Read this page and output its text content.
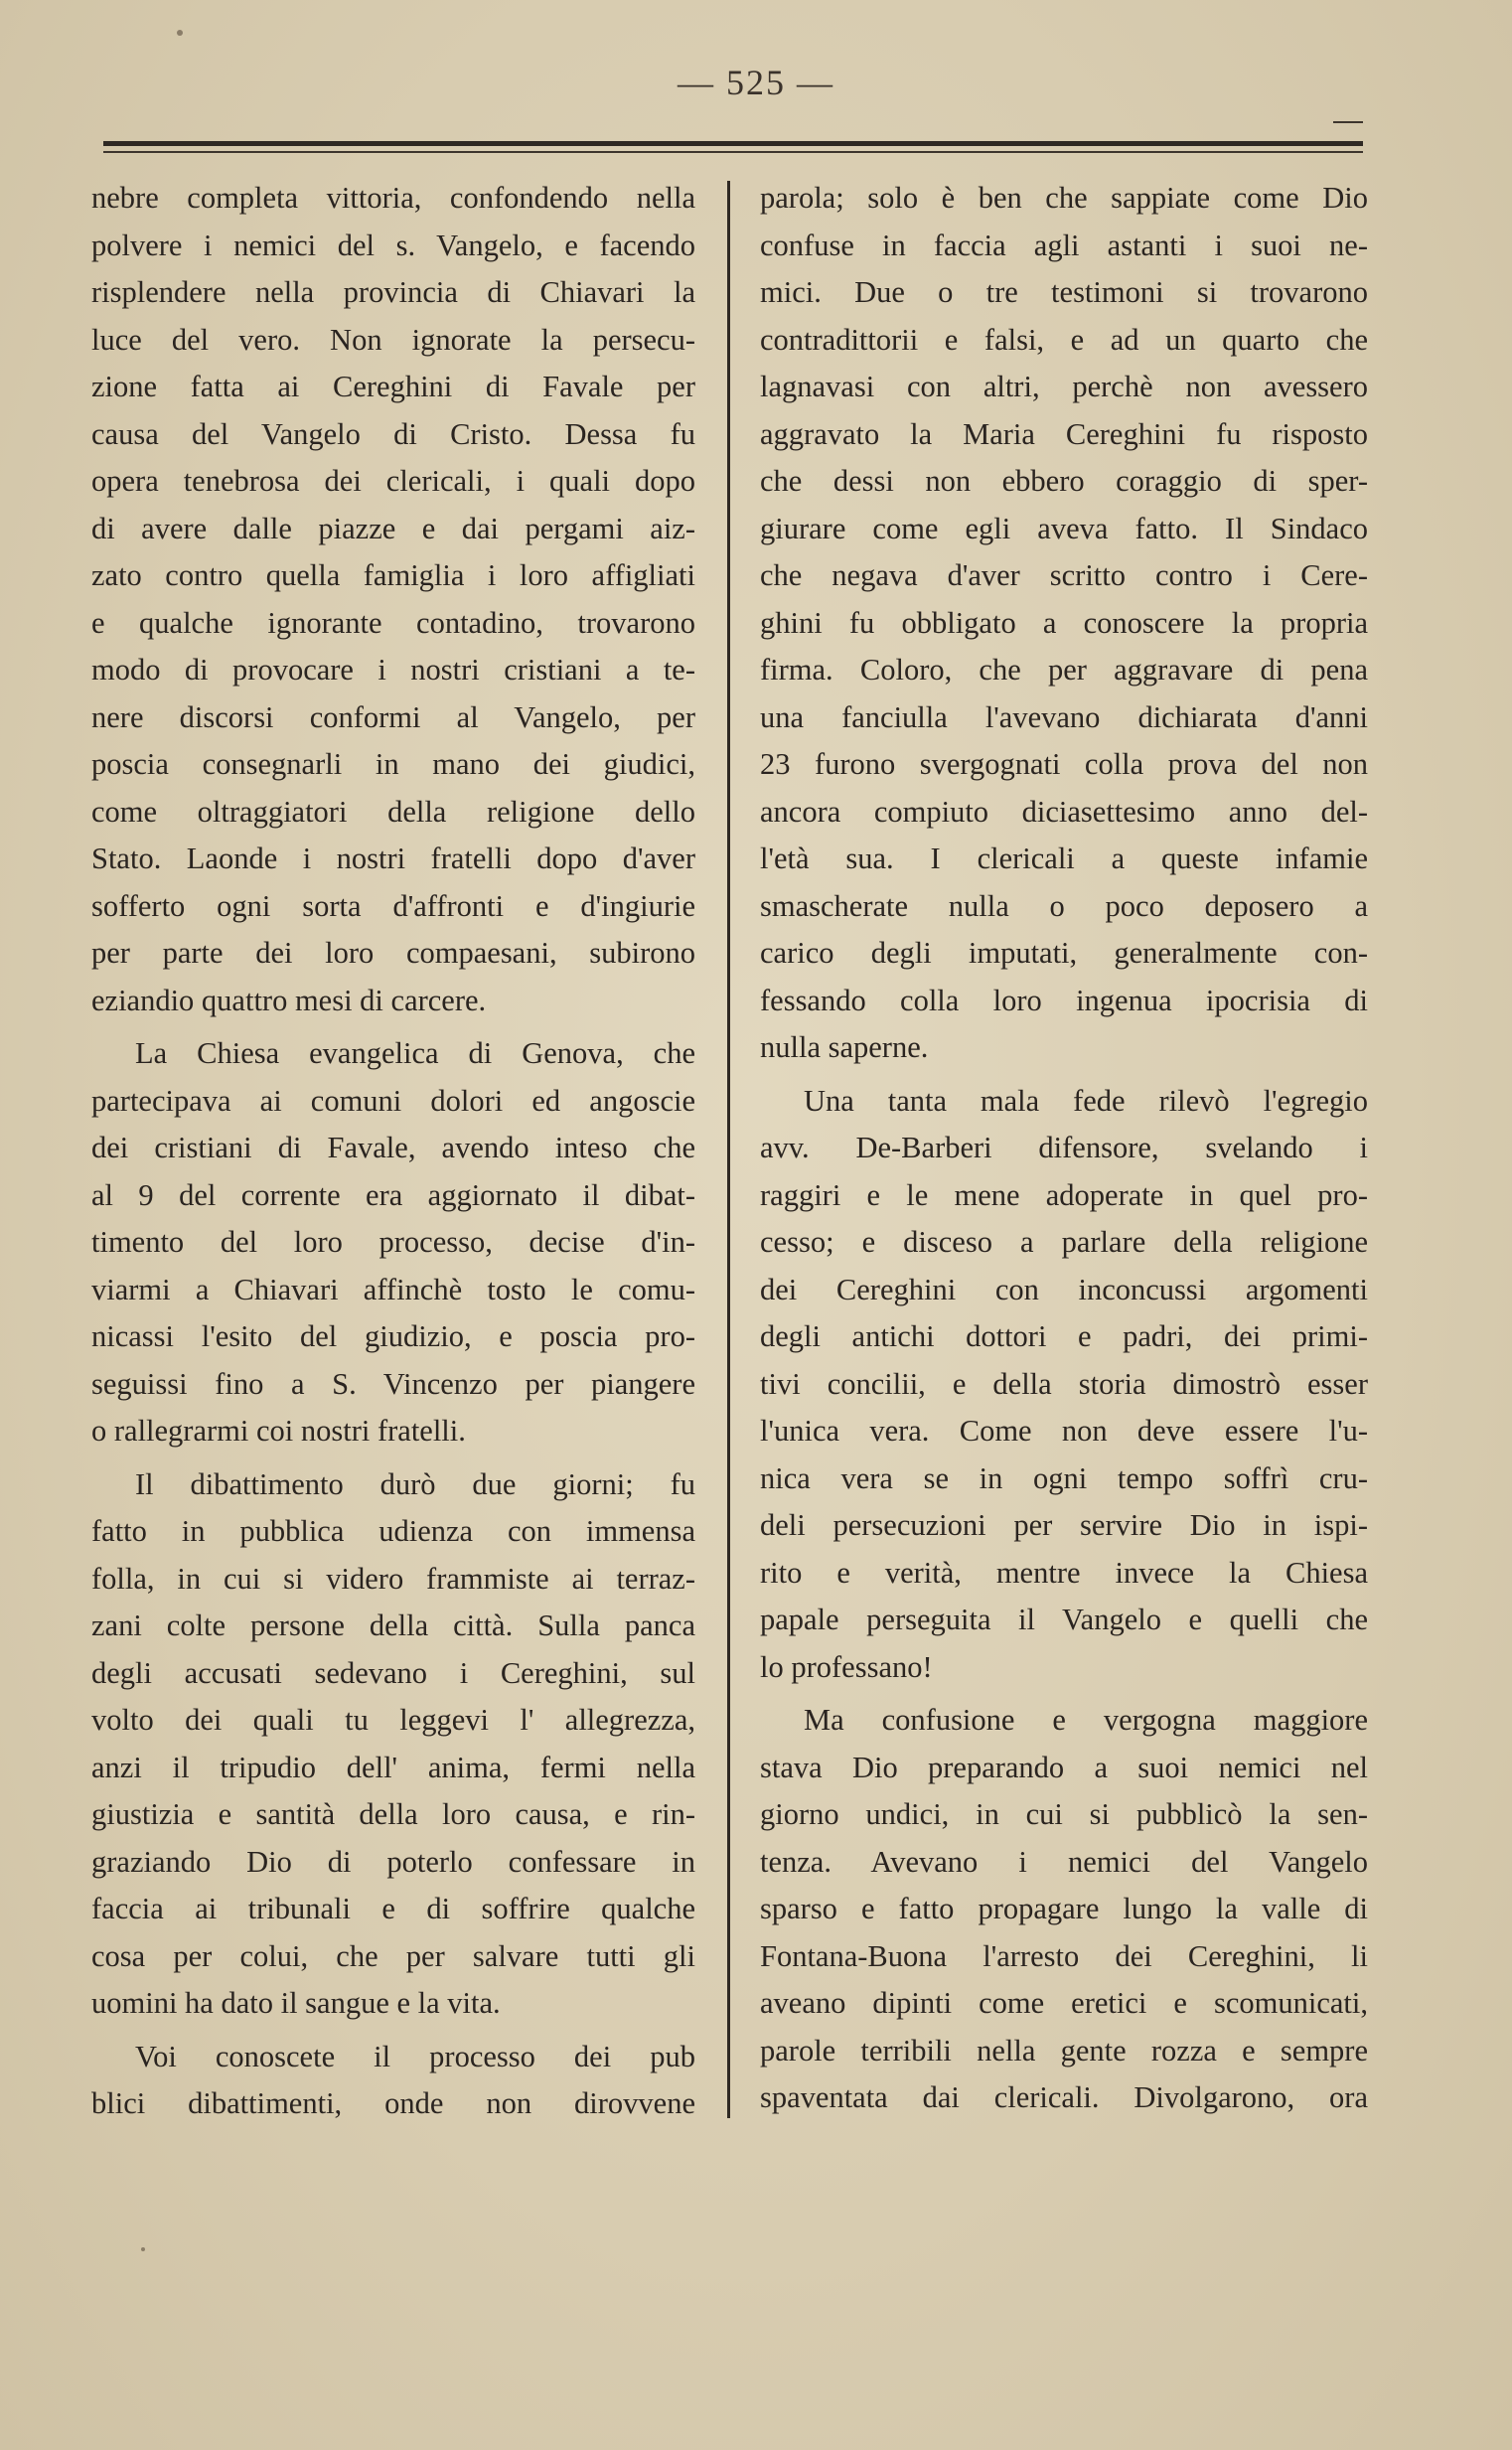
— 525 —
nebre completa vittoria, confondendo nella
polvere i nemici del s. Vangelo, e facendo
risplendere nella provincia di Chiavari la
luce del vero. Non ignorate la persecu-
zione fatta ai Cereghini di Favale per
causa del Vangelo di Cristo. Dessa fu
opera tenebrosa dei clericali, i quali dopo
di avere dalle piazze e dai pergami aiz-
zato contro quella famiglia i loro affigliati
e qualche ignorante contadino, trovarono
modo di provocare i nostri cristiani a te-
nere discorsi conformi al Vangelo, per
poscia consegnarli in mano dei giudici,
come oltraggiatori della religione dello
Stato. Laonde i nostri fratelli dopo d'aver
sofferto ogni sorta d'affronti e d'ingiurie
per parte dei loro compaesani, subirono
eziandio quattro mesi di carcere.
La Chiesa evangelica di Genova, che
partecipava ai comuni dolori ed angoscie
dei cristiani di Favale, avendo inteso che
al 9 del corrente era aggiornato il dibat-
timento del loro processo, decise d'in-
viarmi a Chiavari affinchè tosto le comu-
nicassi l'esito del giudizio, e poscia pro-
seguissi fino a S. Vincenzo per piangere
o rallegrarmi coi nostri fratelli.
Il dibattimento durò due giorni; fu
fatto in pubblica udienza con immensa
folla, in cui si videro frammiste ai terraz-
zani colte persone della città. Sulla panca
degli accusati sedevano i Cereghini, sul
volto dei quali tu leggevi l' allegrezza,
anzi il tripudio dell' anima, fermi nella
giustizia e santità della loro causa, e rin-
graziando Dio di poterlo confessare in
faccia ai tribunali e di soffrire qualche
cosa per colui, che per salvare tutti gli
uomini ha dato il sangue e la vita.
Voi conoscete il processo dei pub
blici dibattimenti, onde non dirovvene
parola; solo è ben che sappiate come Dio
confuse in faccia agli astanti i suoi ne-
mici. Due o tre testimoni si trovarono
contradittorii e falsi, e ad un quarto che
lagnavasi con altri, perchè non avessero
aggravato la Maria Cereghini fu risposto
che dessi non ebbero coraggio di sper-
giurare come egli aveva fatto. Il Sindaco
che negava d'aver scritto contro i Cere-
ghini fu obbligato a conoscere la propria
firma. Coloro, che per aggravare di pena
una fanciulla l'avevano dichiarata d'anni
23 furono svergognati colla prova del non
ancora compiuto diciasettesimo anno del-
l'età sua. I clericali a queste infamie
smascherate nulla o poco deposero a
carico degli imputati, generalmente con-
fessando colla loro ingenua ipocrisia di
nulla saperne.
Una tanta mala fede rilevò l'egregio
avv. De-Barberi difensore, svelando i
raggiri e le mene adoperate in quel pro-
cesso; e disceso a parlare della religione
dei Cereghini con inconcussi argomenti
degli antichi dottori e padri, dei primi-
tivi concilii, e della storia dimostrò esser
l'unica vera. Come non deve essere l'u-
nica vera se in ogni tempo soffrì cru-
deli persecuzioni per servire Dio in ispi-
rito e verità, mentre invece la Chiesa
papale perseguita il Vangelo e quelli che
lo professano!
Ma confusione e vergogna maggiore
stava Dio preparando a suoi nemici nel
giorno undici, in cui si pubblicò la sen-
tenza. Avevano i nemici del Vangelo
sparso e fatto propagare lungo la valle di
Fontana-Buona l'arresto dei Cereghini, li
aveano dipinti come eretici e scomunicati,
parole terribili nella gente rozza e sempre
spaventata dai clericali. Divolgarono, ora
